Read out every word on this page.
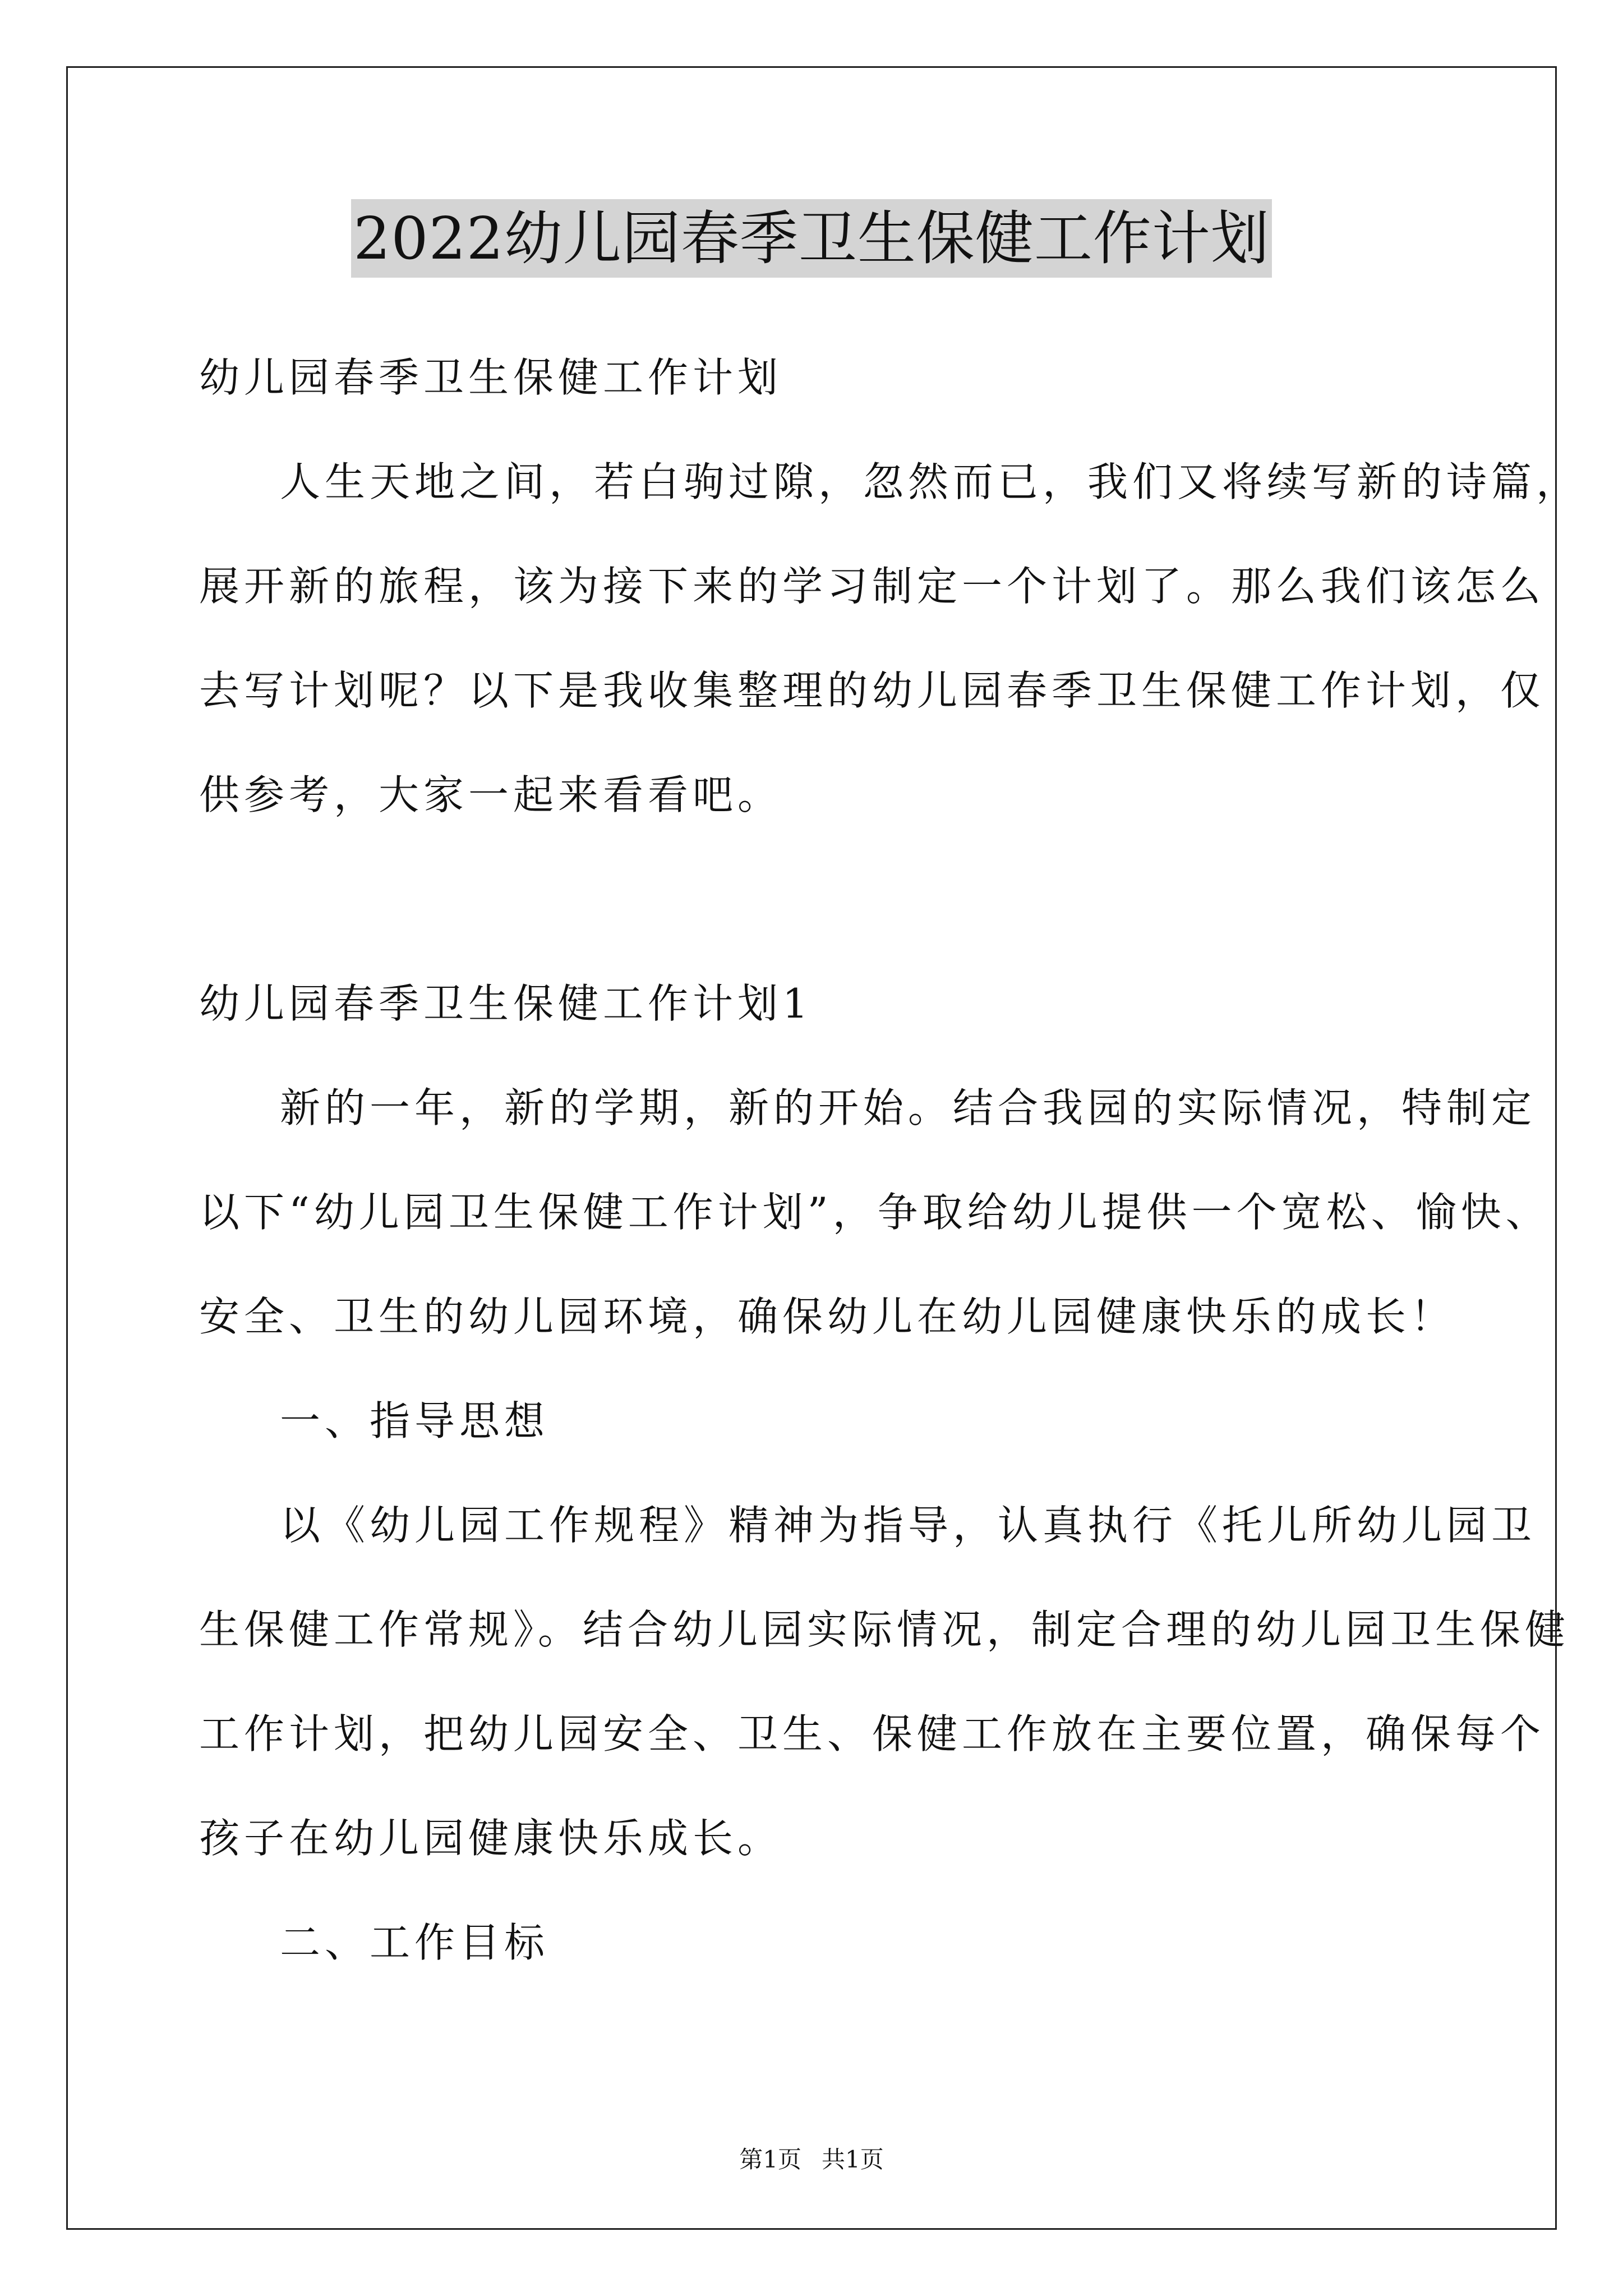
2022幼儿园春季卫生保健工作计划
幼儿园春季卫生保健工作计划
人生天地之间，若白驹过隙，忽然而已，我们又将续写新的诗篇，
展开新的旅程，该为接下来的学习制定一个计划了。那么我们该怎么
去写计划呢？以下是我收集整理的幼儿园春季卫生保健工作计划，仅
供参考，大家一起来看看吧。
幼儿园春季卫生保健工作计划1
新的一年，新的学期，新的开始。结合我园的实际情况，特制定
以下“幼儿园卫生保健工作计划”，争取给幼儿提供一个宽松、愉快、
安全、卫生的幼儿园环境，确保幼儿在幼儿园健康快乐的成长！
一、指导思想
以《幼儿园工作规程》精神为指导，认真执行《托儿所幼儿园卫
生保健工作常规》。结合幼儿园实际情况，制定合理的幼儿园卫生保健
工作计划，把幼儿园安全、卫生、保健工作放在主要位置，确保每个
孩子在幼儿园健康快乐成长。
二、工作目标
第1页 共1页
